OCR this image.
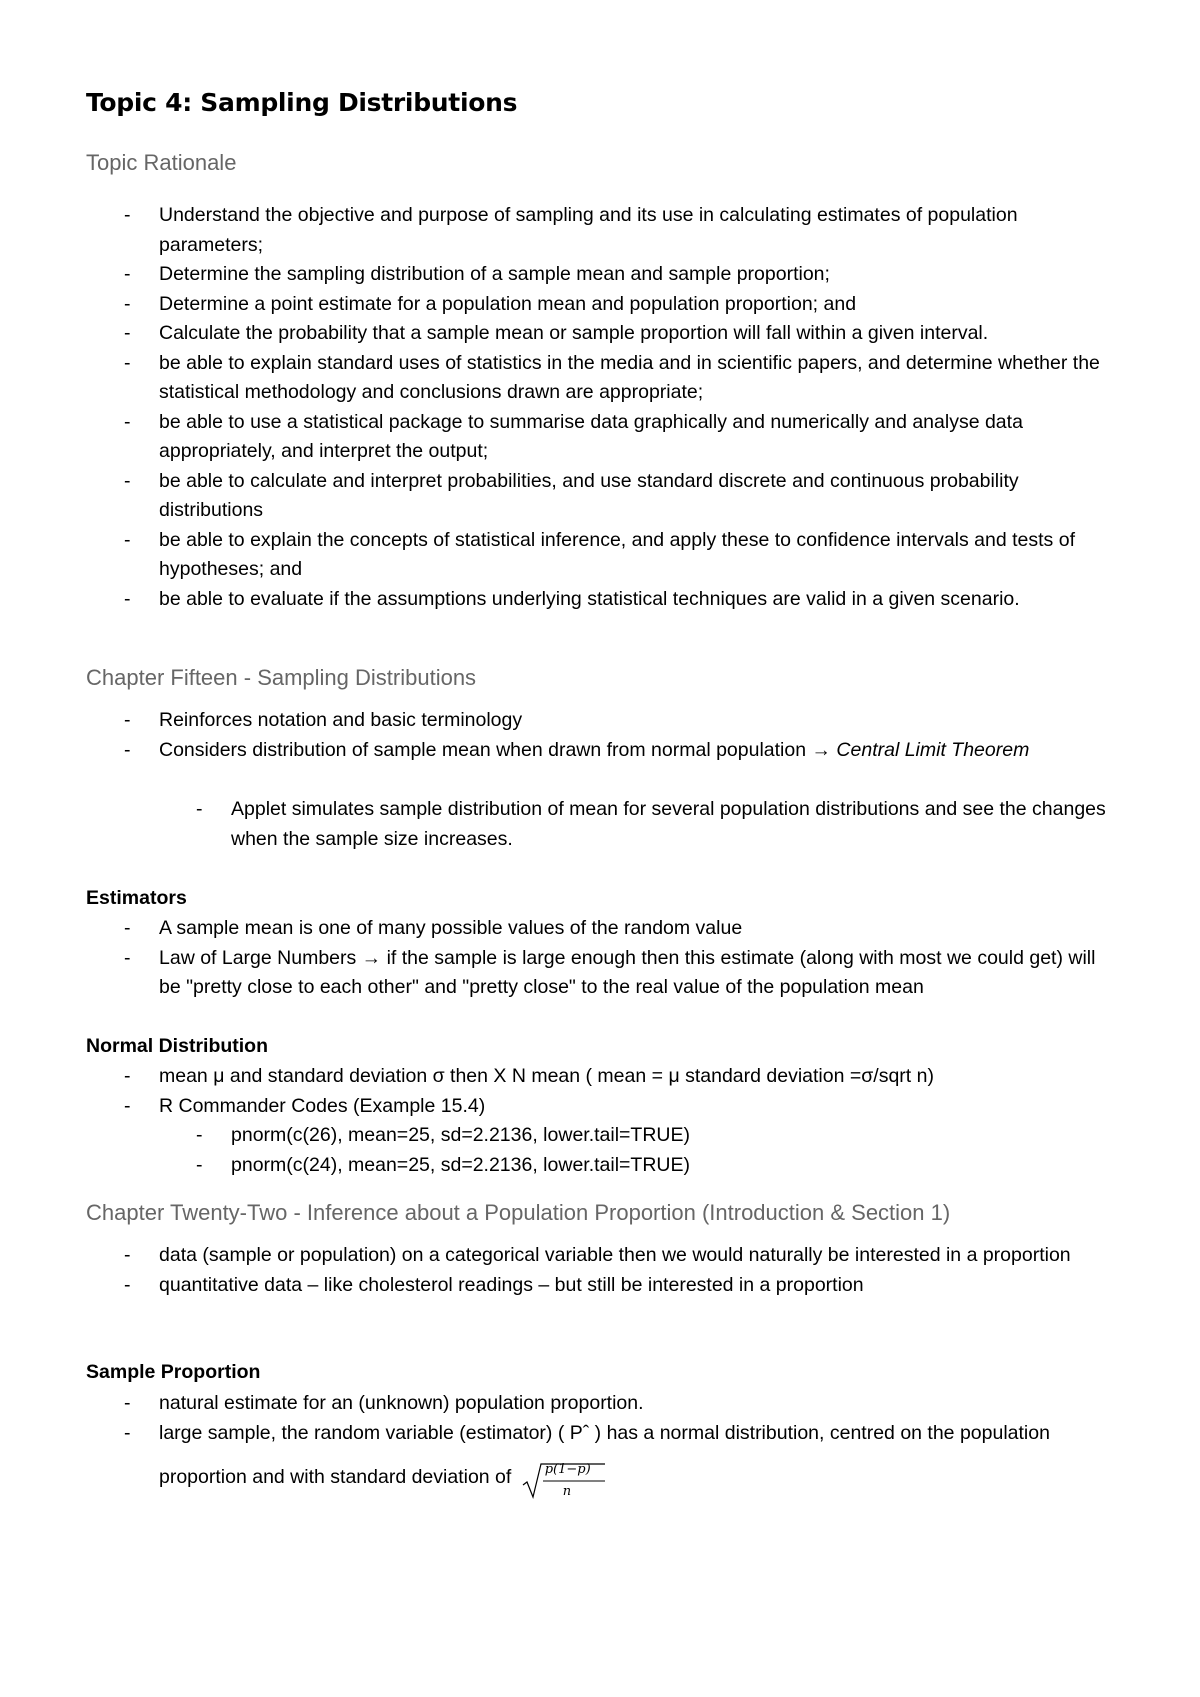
Topic 4: Sampling Distributions
Topic Rationale
- Understand the objective and purpose of sampling and its use in calculating estimates of population parameters;
- Determine the sampling distribution of a sample mean and sample proportion;
- Determine a point estimate for a population mean and population proportion; and
- Calculate the probability that a sample mean or sample proportion will fall within a given interval.
- be able to explain standard uses of statistics in the media and in scientific papers, and determine whether the statistical methodology and conclusions drawn are appropriate;
- be able to use a statistical package to summarise data graphically and numerically and analyse data appropriately, and interpret the output;
- be able to calculate and interpret probabilities, and use standard discrete and continuous probability distributions
- be able to explain the concepts of statistical inference, and apply these to confidence intervals and tests of hypotheses; and
- be able to evaluate if the assumptions underlying statistical techniques are valid in a given scenario.
Chapter Fifteen - Sampling Distributions
- Reinforces notation and basic terminology
- Considers distribution of sample mean when drawn from normal population → Central Limit Theorem
- Applet simulates sample distribution of mean for several population distributions and see the changes when the sample size increases.
Estimators
- A sample mean is one of many possible values of the random value
- Law of Large Numbers → if the sample is large enough then this estimate (along with most we could get) will be "pretty close to each other" and "pretty close" to the real value of the population mean
Normal Distribution
- mean μ and standard deviation σ then X N mean ( mean = μ standard deviation =σ/sqrt n)
- R Commander Codes (Example 15.4)
- pnorm(c(26), mean=25, sd=2.2136, lower.tail=TRUE)
- pnorm(c(24), mean=25, sd=2.2136, lower.tail=TRUE)
Chapter Twenty-Two - Inference about a Population Proportion (Introduction & Section 1)
- data (sample or population) on a categorical variable then we would naturally be interested in a proportion
- quantitative data – like cholesterol readings – but still be interested in a proportion
Sample Proportion
- natural estimate for an (unknown) population proportion.
- large sample, the random variable (estimator) ( Pˆ ) has a normal distribution, centred on the population proportion and with standard deviation of p(1−p)
n
